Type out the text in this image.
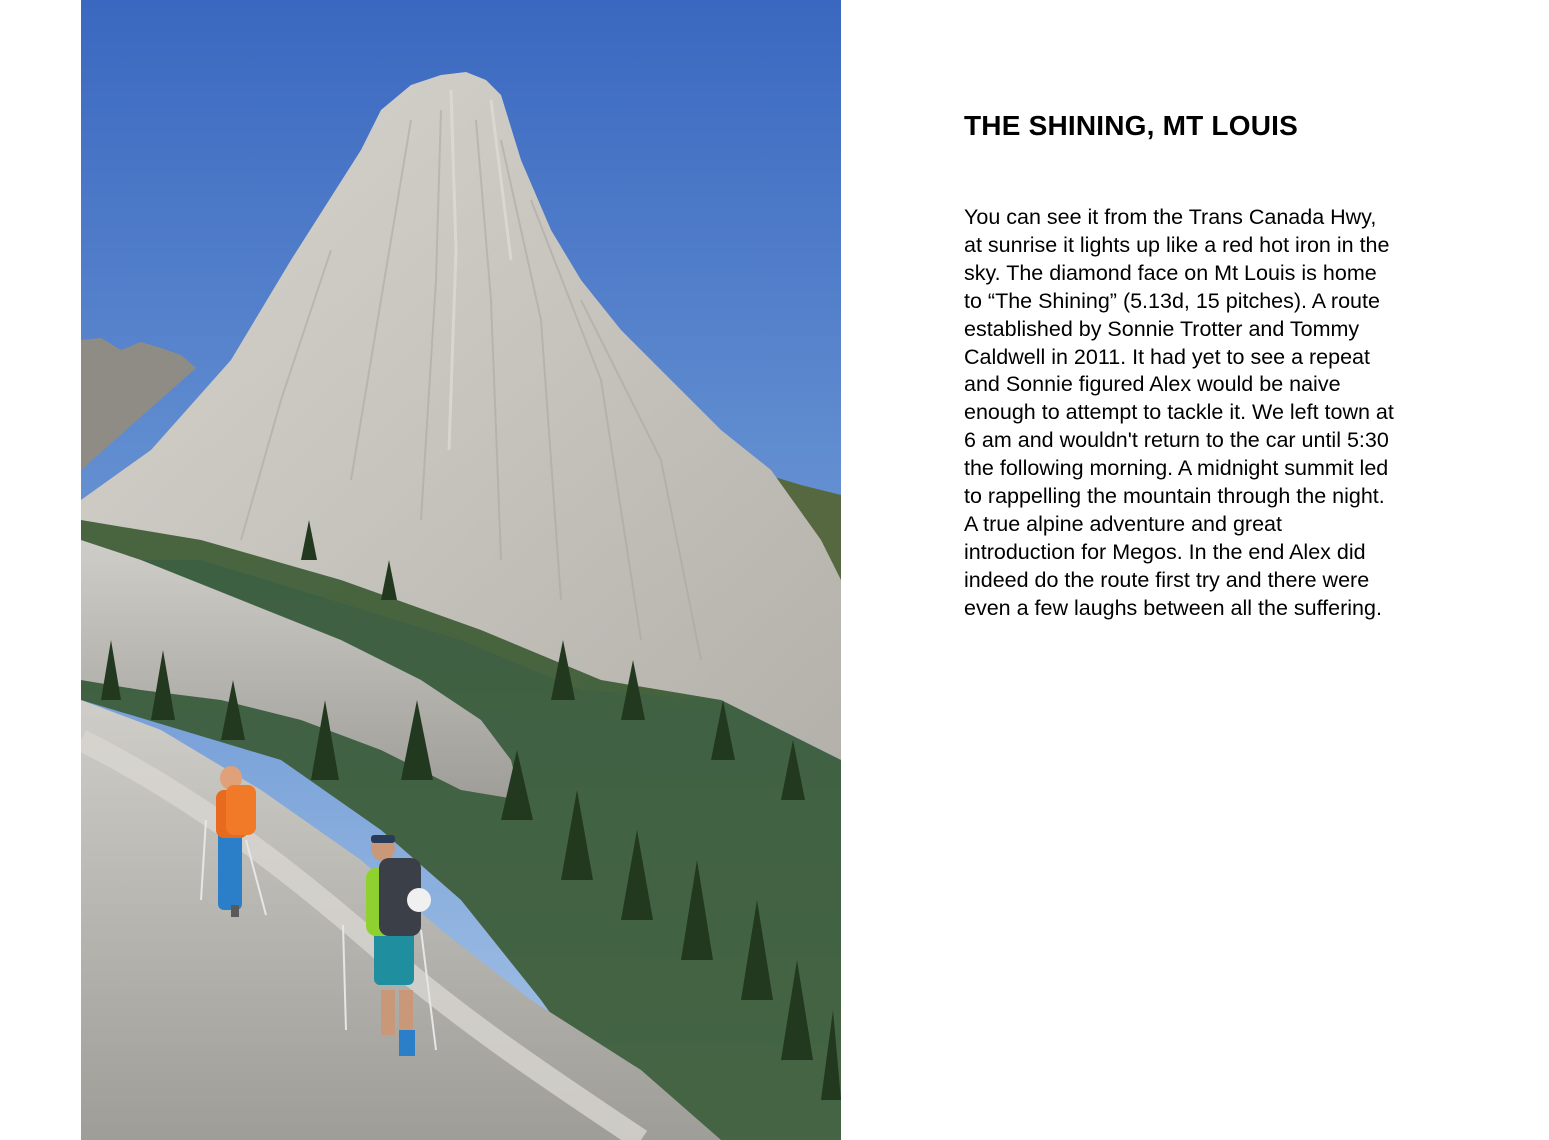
THE SHINING, MT LOUIS

You can see it from the Trans Canada Hwy, at sunrise it lights up like a red hot iron in the sky. The diamond face on Mt Louis is home to “The Shining” (5.13d, 15 pitches). A route established by Sonnie Trotter and Tommy Caldwell in 2011. It had yet to see a repeat and Sonnie figured Alex would be naive enough to attempt to tackle it. We left town at 6 am and wouldn't return to the car until 5:30 the following morning. A midnight summit led to rappelling the mountain through the night. A true alpine adventure and great introduction for Megos. In the end Alex did indeed do the route first try and there were even a few laughs between all the suffering.
